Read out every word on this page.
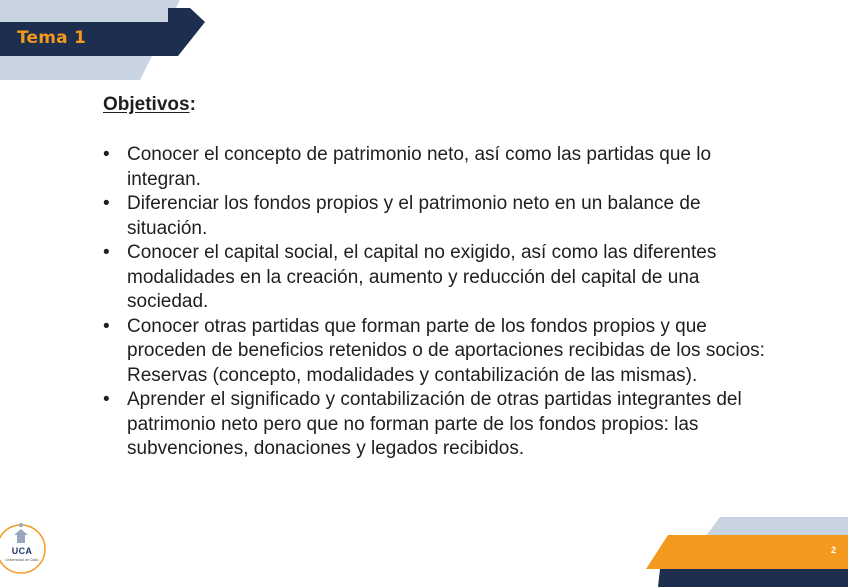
Tema 1
Objetivos:
• Conocer el concepto de patrimonio neto, así como las partidas que lo integran.
• Diferenciar los fondos propios y el patrimonio neto en un balance de situación.
• Conocer el capital social, el capital no exigido, así como las diferentes modalidades en la creación, aumento y reducción del capital de una sociedad.
• Conocer otras partidas que forman parte de los fondos propios y que proceden de beneficios retenidos o de aportaciones recibidas de los socios: Reservas (concepto, modalidades y contabilización de las mismas).
• Aprender el significado y contabilización de otras partidas integrantes del patrimonio neto pero que no forman parte de los fondos propios: las subvenciones, donaciones y legados recibidos.
2
UCA
Universidad de Cádiz
